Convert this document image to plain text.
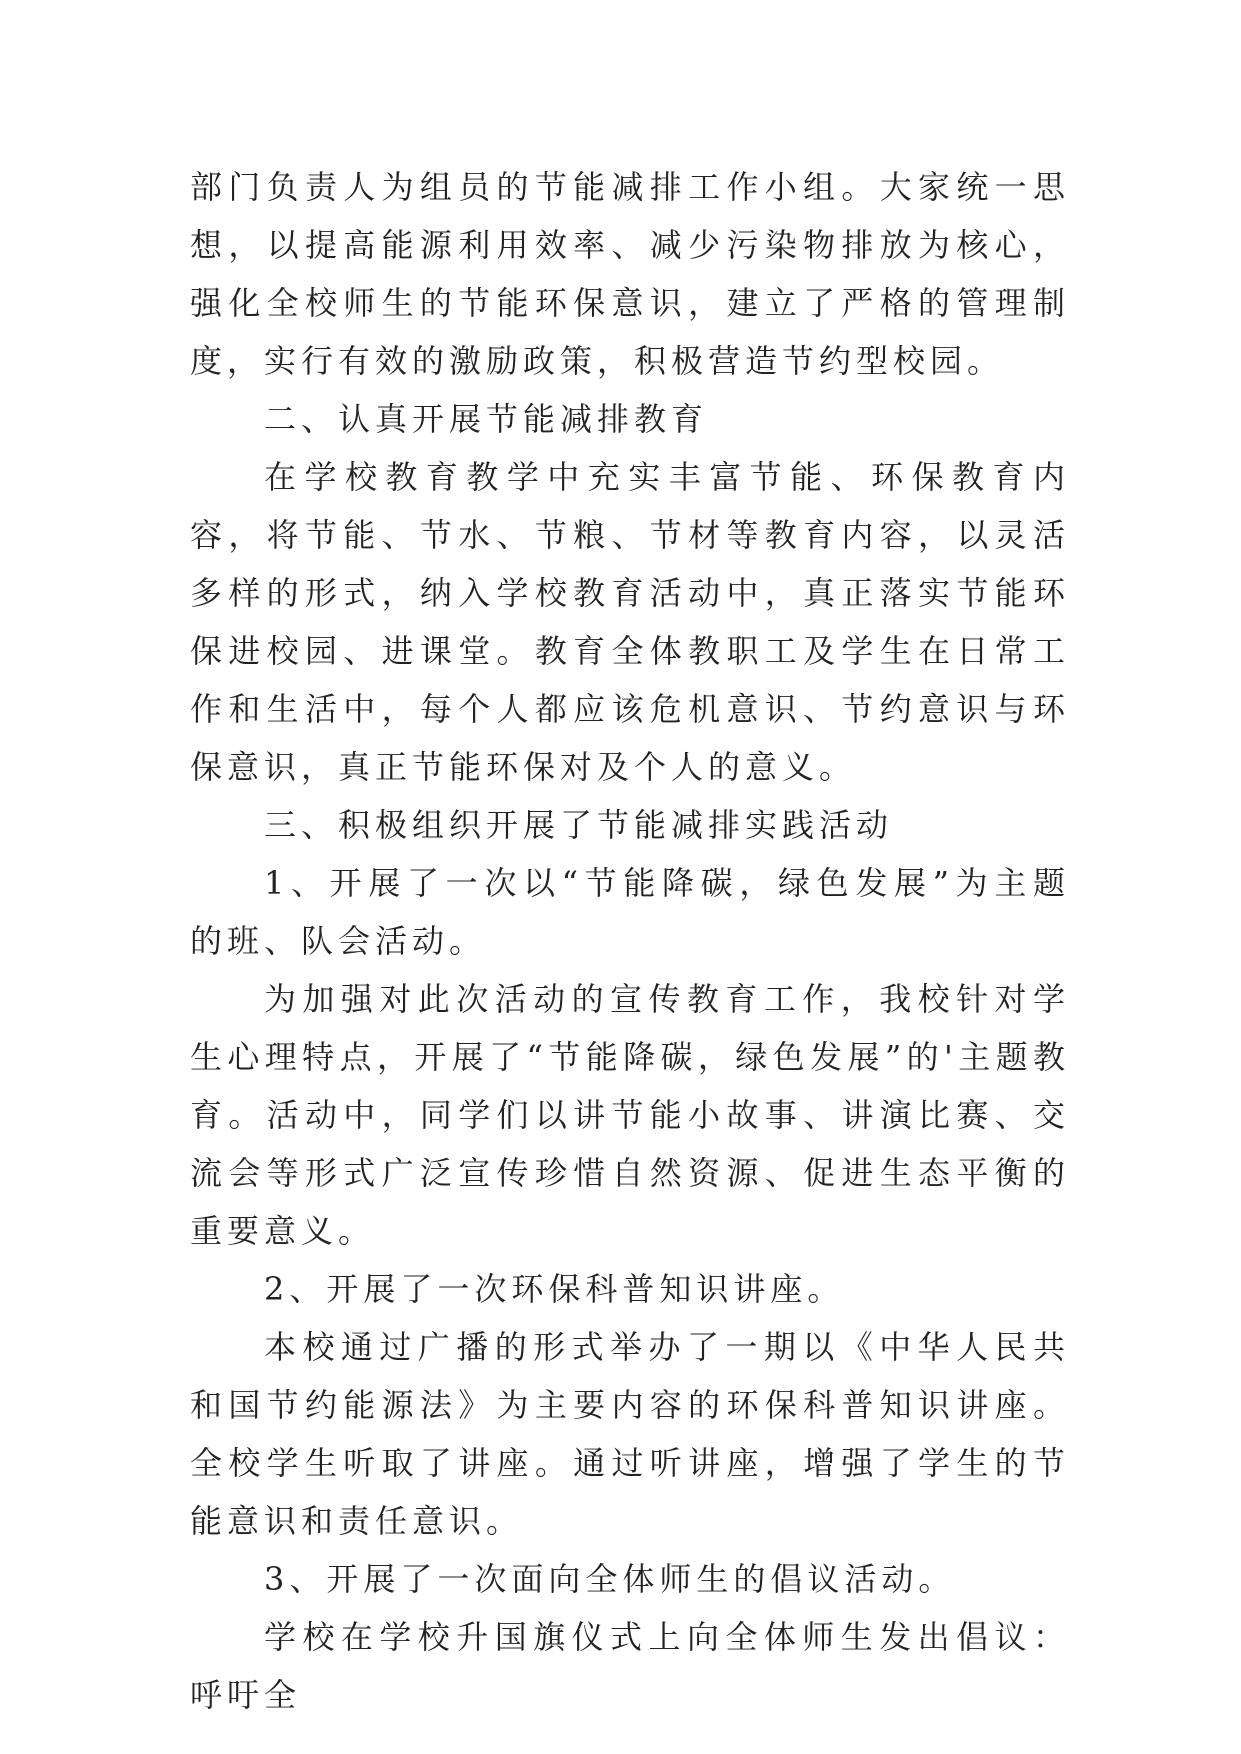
部门负责人为组员的节能减排工作小组。大家统一思想，以提高能源利用效率、减少污染物排放为核心，强化全校师生的节能环保意识，建立了严格的管理制度，实行有效的激励政策，积极营造节约型校园。

二、认真开展节能减排教育

在学校教育教学中充实丰富节能、环保教育内容，将节能、节水、节粮、节材等教育内容，以灵活多样的形式，纳入学校教育活动中，真正落实节能环保进校园、进课堂。教育全体教职工及学生在日常工作和生活中，每个人都应该危机意识、节约意识与环保意识，真正节能环保对及个人的意义。

三、积极组织开展了节能减排实践活动

1、开展了一次以“节能降碳，绿色发展”为主题的班、队会活动。

为加强对此次活动的宣传教育工作，我校针对学生心理特点，开展了“节能降碳，绿色发展”的'主题教育。活动中，同学们以讲节能小故事、讲演比赛、交流会等形式广泛宣传珍惜自然资源、促进生态平衡的重要意义。

2、开展了一次环保科普知识讲座。

本校通过广播的形式举办了一期以《中华人民共和国节约能源法》为主要内容的环保科普知识讲座。全校学生听取了讲座。通过听讲座，增强了学生的节能意识和责任意识。

3、开展了一次面向全体师生的倡议活动。

学校在学校升国旗仪式上向全体师生发出倡议：呼吁全
